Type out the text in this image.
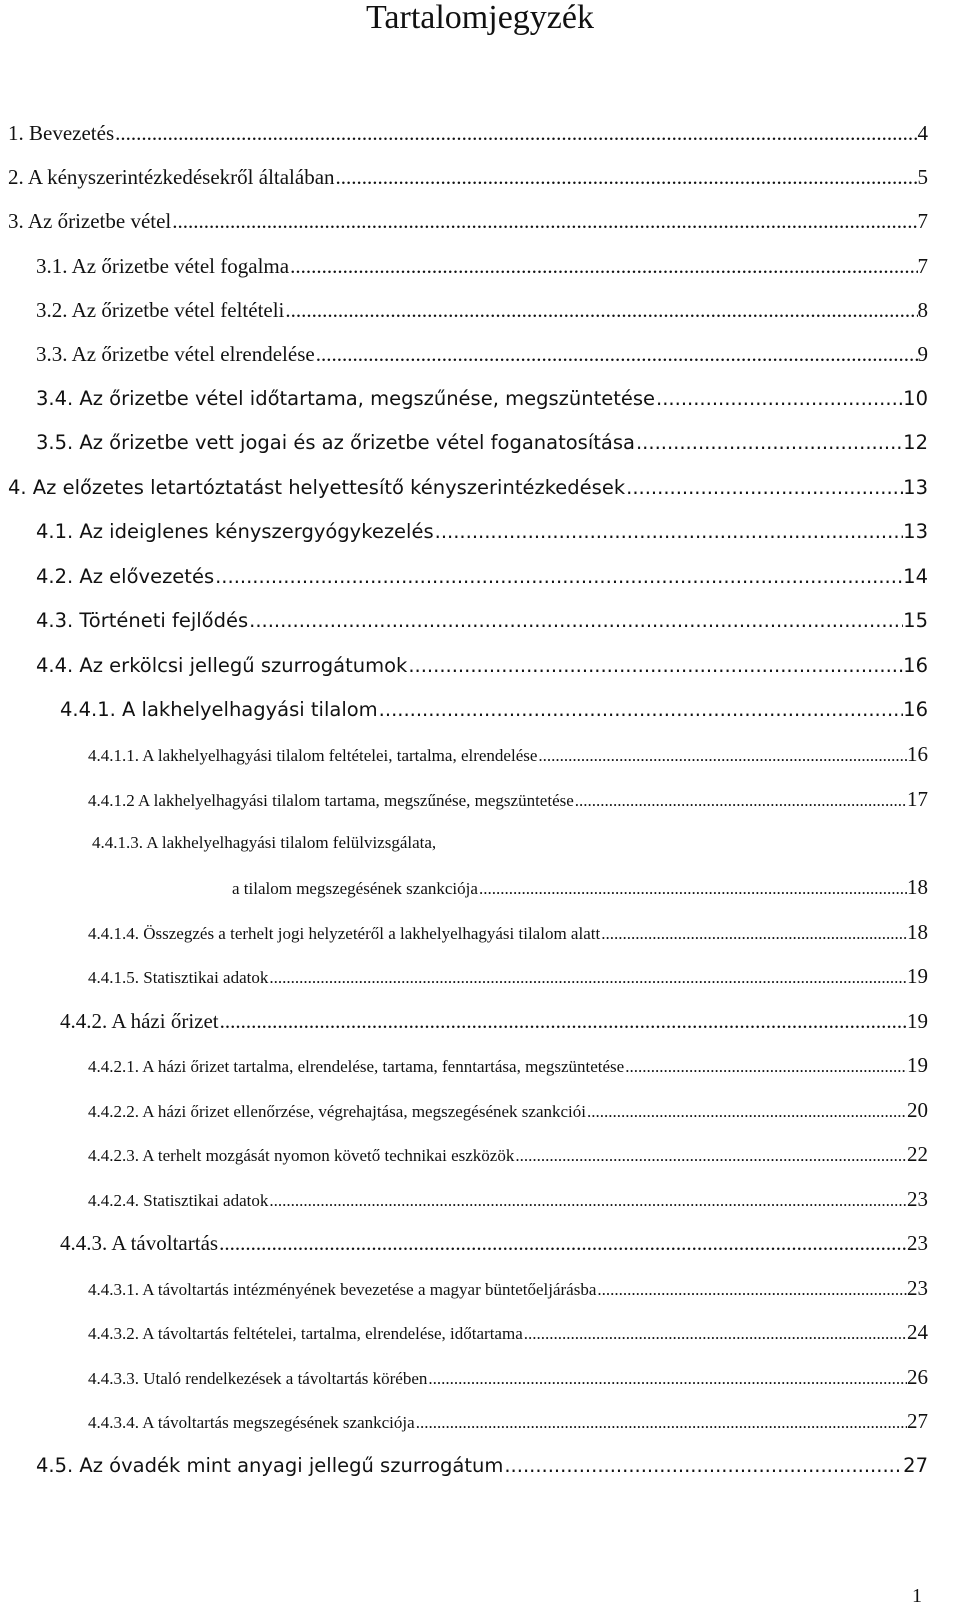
Tartalomjegyzék
1. Bevezetés .....	4
2. A kényszerintézkedésekről általában .....	5
3. Az őrizetbe vétel .....	7
3.1. Az őrizetbe vétel fogalma .....	7
3.2. Az őrizetbe vétel feltételi .....	8
3.3. Az őrizetbe vétel elrendelése .....	9
3.4. Az őrizetbe vétel időtartama, megszűnése, megszüntetése .....	10
3.5. Az őrizetbe vett jogai és az őrizetbe vétel foganatosítása .....	12
4. Az előzetes letartóztatást helyettesítő kényszerintézkedések .....	13
4.1. Az ideiglenes kényszergyógykezelés .....	13
4.2. Az elővezetés .....	14
4.3. Történeti fejlődés .....	15
4.4. Az erkölcsi jellegű szurrogátumok .....	16
4.4.1. A lakhelyelhagyási tilalom .....	16
4.4.1.1. A lakhelyelhagyási tilalom feltételei, tartalma, elrendelése .....	16
4.4.1.2 A lakhelyelhagyási tilalom tartama, megszűnése, megszüntetése .....	17
4.4.1.3. A lakhelyelhagyási tilalom felülvizsgálata,
a tilalom megszegésének szankciója .....	18
4.4.1.4. Összegzés a terhelt jogi helyzetéről a lakhelyelhagyási tilalom alatt .....	18
4.4.1.5. Statisztikai adatok .....	19
4.4.2. A házi őrizet .....	19
4.4.2.1. A házi őrizet tartalma, elrendelése, tartama, fenntartása, megszüntetése .....	19
4.4.2.2. A házi őrizet ellenőrzése, végrehajtása, megszegésének szankciói .....	20
4.4.2.3. A terhelt mozgását nyomon követő technikai eszközök .....	22
4.4.2.4. Statisztikai adatok .....	23
4.4.3. A távoltartás .....	23
4.4.3.1. A távoltartás intézményének bevezetése a magyar büntetőeljárásba .....	23
4.4.3.2. A távoltartás feltételei, tartalma, elrendelése, időtartama .....	24
4.4.3.3. Utaló rendelkezések a távoltartás körében .....	26
4.4.3.4. A távoltartás megszegésének szankciója .....	27
4.5. Az óvadék mint anyagi jellegű szurrogátum .....	27
1
